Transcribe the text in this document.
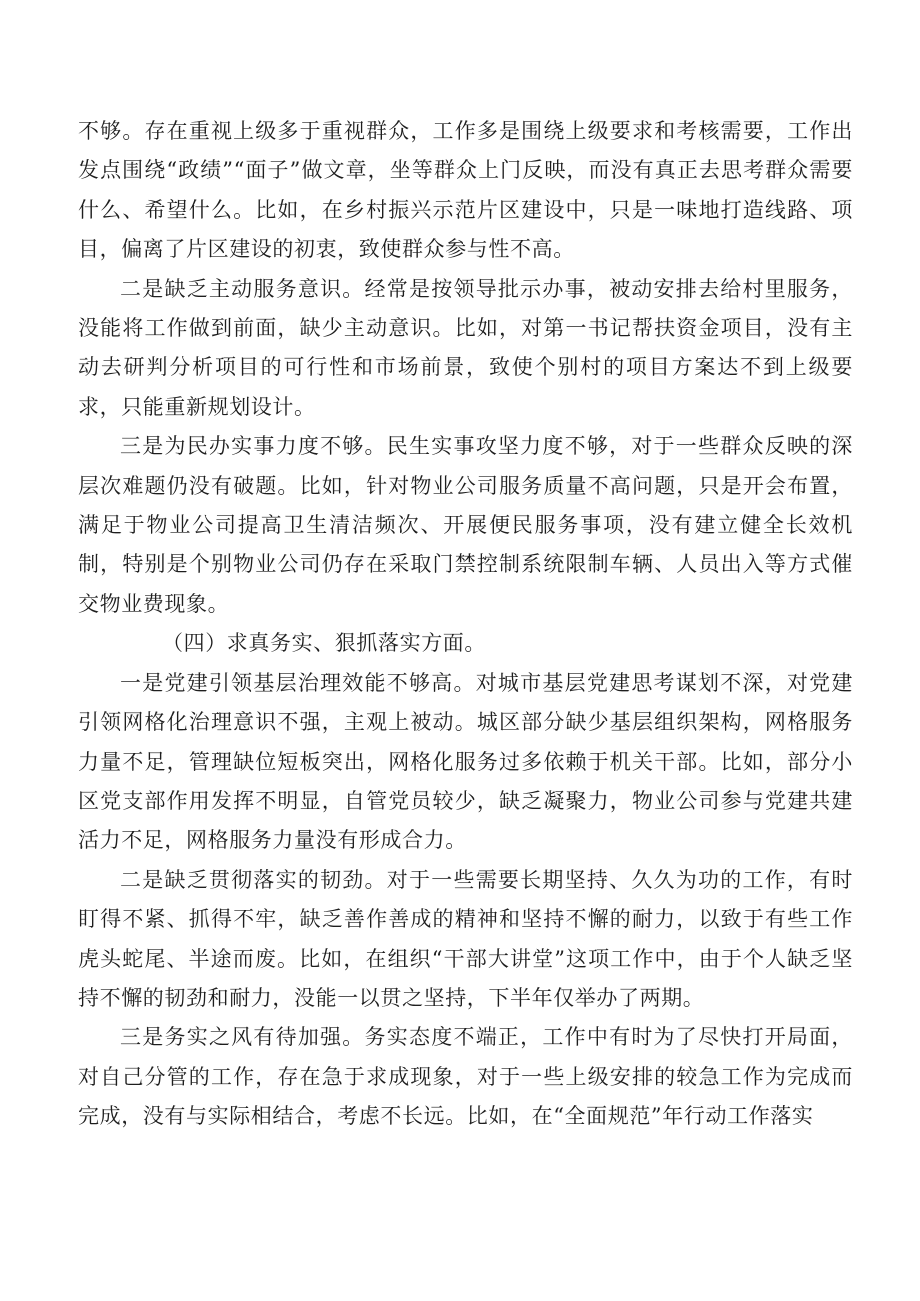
不够。存在重视上级多于重视群众，工作多是围绕上级要求和考核需要，工作出发点围绕“政绩”“面子”做文章，坐等群众上门反映，而没有真正去思考群众需要什么、希望什么。比如，在乡村振兴示范片区建设中，只是一味地打造线路、项目，偏离了片区建设的初衷，致使群众参与性不高。

二是缺乏主动服务意识。经常是按领导批示办事，被动安排去给村里服务，没能将工作做到前面，缺少主动意识。比如，对第一书记帮扶资金项目，没有主动去研判分析项目的可行性和市场前景，致使个别村的项目方案达不到上级要求，只能重新规划设计。

三是为民办实事力度不够。民生实事攻坚力度不够，对于一些群众反映的深层次难题仍没有破题。比如，针对物业公司服务质量不高问题，只是开会布置，满足于物业公司提高卫生清洁频次、开展便民服务事项，没有建立健全长效机制，特别是个别物业公司仍存在采取门禁控制系统限制车辆、人员出入等方式催交物业费现象。

（四）求真务实、狠抓落实方面。

一是党建引领基层治理效能不够高。对城市基层党建思考谋划不深，对党建引领网格化治理意识不强，主观上被动。城区部分缺少基层组织架构，网格服务力量不足，管理缺位短板突出，网格化服务过多依赖于机关干部。比如，部分小区党支部作用发挥不明显，自管党员较少，缺乏凝聚力，物业公司参与党建共建活力不足，网格服务力量没有形成合力。

二是缺乏贯彻落实的韧劲。对于一些需要长期坚持、久久为功的工作，有时盯得不紧、抓得不牢，缺乏善作善成的精神和坚持不懈的耐力，以致于有些工作虎头蛇尾、半途而废。比如，在组织“干部大讲堂”这项工作中，由于个人缺乏坚持不懈的韧劲和耐力，没能一以贯之坚持，下半年仅举办了两期。

三是务实之风有待加强。务实态度不端正，工作中有时为了尽快打开局面，对自己分管的工作，存在急于求成现象，对于一些上级安排的较急工作为完成而完成，没有与实际相结合，考虑不长远。比如，在“全面规范”年行动工作落实
